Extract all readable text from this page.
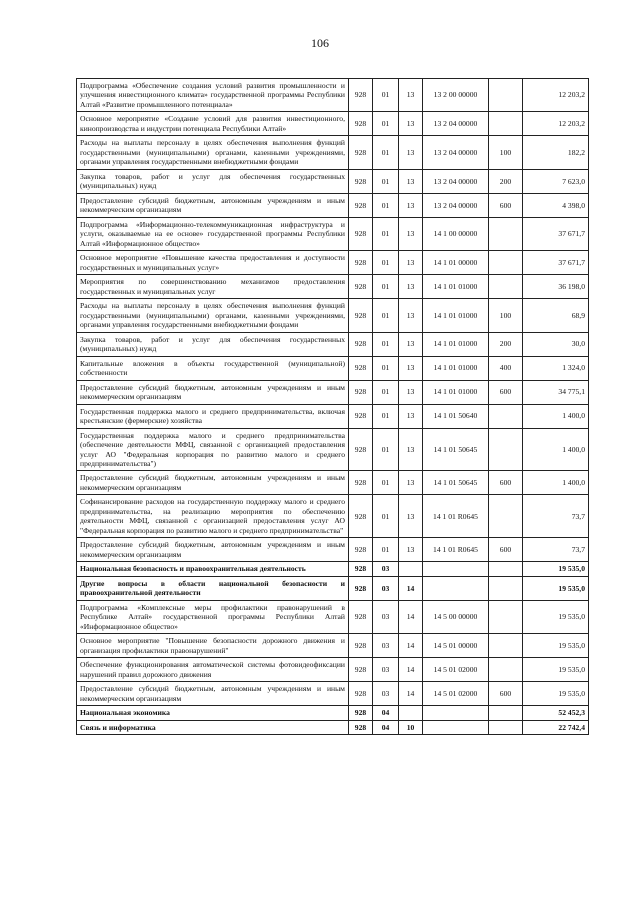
106
Подпрограмма «Обеспечение создания условий развития промышленности и улучшения инвестиционного климата» государственной программы Республики Алтай «Развитие промышленного потенциала»	928	01	13	13 2 00 00000		12 203,2
Основное мероприятие «Создание условий для развития инвестиционного, кинопроизводства и индустрии потенциала Республики Алтай»	928	01	13	13 2 04 00000		12 203,2
Расходы на выплаты персоналу в целях обеспечения выполнения функций государственными (муниципальными) органами, казенными учреждениями, органами управления государственными внебюджетными фондами	928	01	13	13 2 04 00000	100	182,2
Закупка товаров, работ и услуг для обеспечения государственных (муниципальных) нужд	928	01	13	13 2 04 00000	200	7 623,0
Предоставление субсидий бюджетным, автономным учреждениям и иным некоммерческим организациям	928	01	13	13 2 04 00000	600	4 398,0
Подпрограмма «Информационно-телекоммуникационная инфраструктура и услуги, оказываемые на ее основе» государственной программы Республики Алтай «Информационное общество»	928	01	13	14 1 00 00000		37 671,7
Основное мероприятие «Повышение качества предоставления и доступности государственных и муниципальных услуг»	928	01	13	14 1 01 00000		37 671,7
Мероприятия по совершенствованию механизмов предоставления государственных и муниципальных услуг	928	01	13	14 1 01 01000		36 198,0
Расходы на выплаты персоналу в целях обеспечения выполнения функций государственными (муниципальными) органами, казенными учреждениями, органами управления государственными внебюджетными фондами	928	01	13	14 1 01 01000	100	68,9
Закупка товаров, работ и услуг для обеспечения государственных (муниципальных) нужд	928	01	13	14 1 01 01000	200	30,0
Капитальные вложения в объекты государственной (муниципальной) собственности	928	01	13	14 1 01 01000	400	1 324,0
Предоставление субсидий бюджетным, автономным учреждениям и иным некоммерческим организациям	928	01	13	14 1 01 01000	600	34 775,1
Государственная поддержка малого и среднего предпринимательства, включая крестьянские (фермерские) хозяйства	928	01	13	14 1 01 50640		1 400,0
Государственная поддержка малого и среднего предпринимательства (обеспечение деятельности МФЦ, связанной с организацией предоставления услуг АО "Федеральная корпорация по развитию малого и среднего предпринимательства")	928	01	13	14 1 01 50645		1 400,0
Предоставление субсидий бюджетным, автономным учреждениям и иным некоммерческим организациям	928	01	13	14 1 01 50645	600	1 400,0
Софинансирование расходов на государственную поддержку малого и среднего предпринимательства, на реализацию мероприятия по обеспечению деятельности МФЦ, связанной с организацией предоставления услуг АО "Федеральная корпорация по развитию малого и среднего предпринимательства"	928	01	13	14 1 01 R0645		73,7
Предоставление субсидий бюджетным, автономным учреждениям и иным некоммерческим организациям	928	01	13	14 1 01 R0645	600	73,7
Национальная безопасность и правоохранительная деятельность	928	03				19 535,0
Другие вопросы в области национальной безопасности и правоохранительной деятельности	928	03	14			19 535,0
Подпрограмма «Комплексные меры профилактики правонарушений в Республике Алтай» государственной программы Республики Алтай «Информационное общество»	928	03	14	14 5 00 00000		19 535,0
Основное мероприятие "Повышение безопасности дорожного движения и организация профилактики правонарушений"	928	03	14	14 5 01 00000		19 535,0
Обеспечение функционирования автоматической системы фотовидеофиксации нарушений правил дорожного движения	928	03	14	14 5 01 02000		19 535,0
Предоставление субсидий бюджетным, автономным учреждениям и иным некоммерческим организациям	928	03	14	14 5 01 02000	600	19 535,0
Национальная экономика	928	04				52 452,3
Связь и информатика	928	04	10			22 742,4
